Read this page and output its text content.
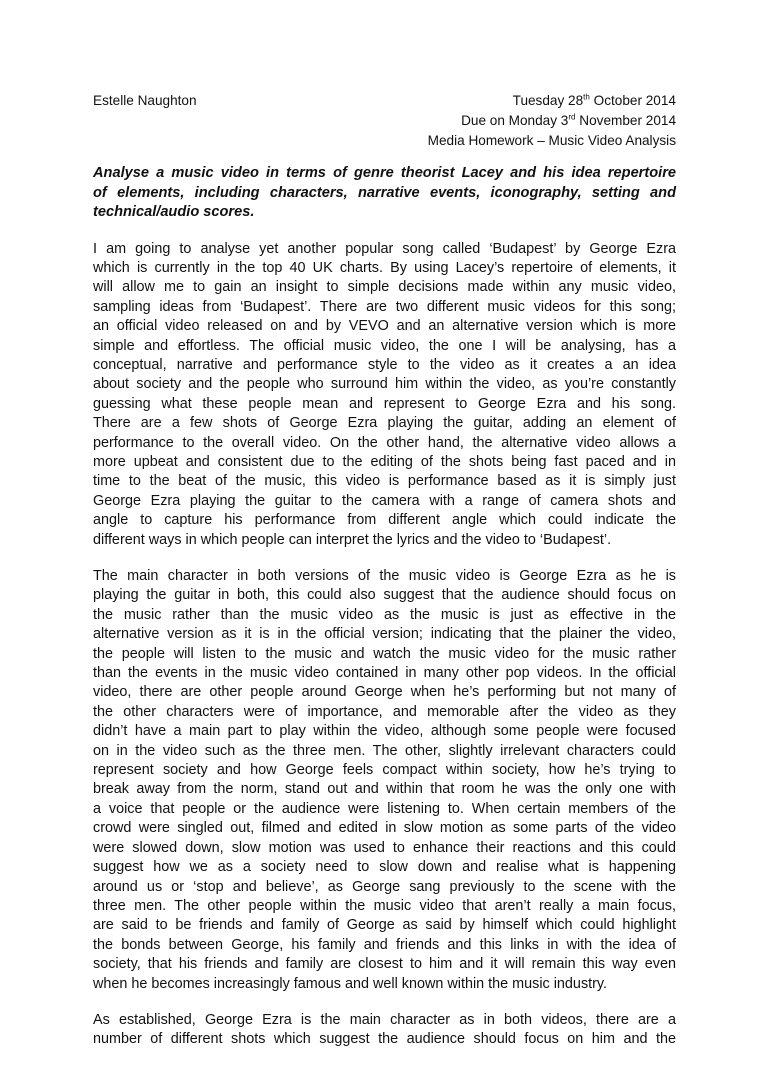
Estelle Naughton	Tuesday 28th October 2014
Due on Monday 3rd November 2014
Media Homework – Music Video Analysis
Analyse a music video in terms of genre theorist Lacey and his idea repertoire
of elements, including characters, narrative events, iconography, setting and
technical/audio scores.
I am going to analyse yet another popular song called ‘Budapest’ by George Ezra
which is currently in the top 40 UK charts. By using Lacey’s repertoire of elements, it
will allow me to gain an insight to simple decisions made within any music video,
sampling ideas from ‘Budapest’. There are two different music videos for this song;
an official video released on and by VEVO and an alternative version which is more
simple and effortless. The official music video, the one I will be analysing, has a
conceptual, narrative and performance style to the video as it creates a an idea
about society and the people who surround him within the video, as you’re constantly
guessing what these people mean and represent to George Ezra and his song.
There are a few shots of George Ezra playing the guitar, adding an element of
performance to the overall video. On the other hand, the alternative video allows a
more upbeat and consistent due to the editing of the shots being fast paced and in
time to the beat of the music, this video is performance based as it is simply just
George Ezra playing the guitar to the camera with a range of camera shots and
angle to capture his performance from different angle which could indicate the
different ways in which people can interpret the lyrics and the video to ‘Budapest’.
The main character in both versions of the music video is George Ezra as he is
playing the guitar in both, this could also suggest that the audience should focus on
the music rather than the music video as the music is just as effective in the
alternative version as it is in the official version; indicating that the plainer the video,
the people will listen to the music and watch the music video for the music rather
than the events in the music video contained in many other pop videos. In the official
video, there are other people around George when he’s performing but not many of
the other characters were of importance, and memorable after the video as they
didn’t have a main part to play within the video, although some people were focused
on in the video such as the three men. The other, slightly irrelevant characters could
represent society and how George feels compact within society, how he’s trying to
break away from the norm, stand out and within that room he was the only one with
a voice that people or the audience were listening to. When certain members of the
crowd were singled out, filmed and edited in slow motion as some parts of the video
were slowed down, slow motion was used to enhance their reactions and this could
suggest how we as a society need to slow down and realise what is happening
around us or ‘stop and believe’, as George sang previously to the scene with the
three men. The other people within the music video that aren’t really a main focus,
are said to be friends and family of George as said by himself which could highlight
the bonds between George, his family and friends and this links in with the idea of
society, that his friends and family are closest to him and it will remain this way even
when he becomes increasingly famous and well known within the music industry.
As established, George Ezra is the main character as in both videos, there are a
number of different shots which suggest the audience should focus on him and the
